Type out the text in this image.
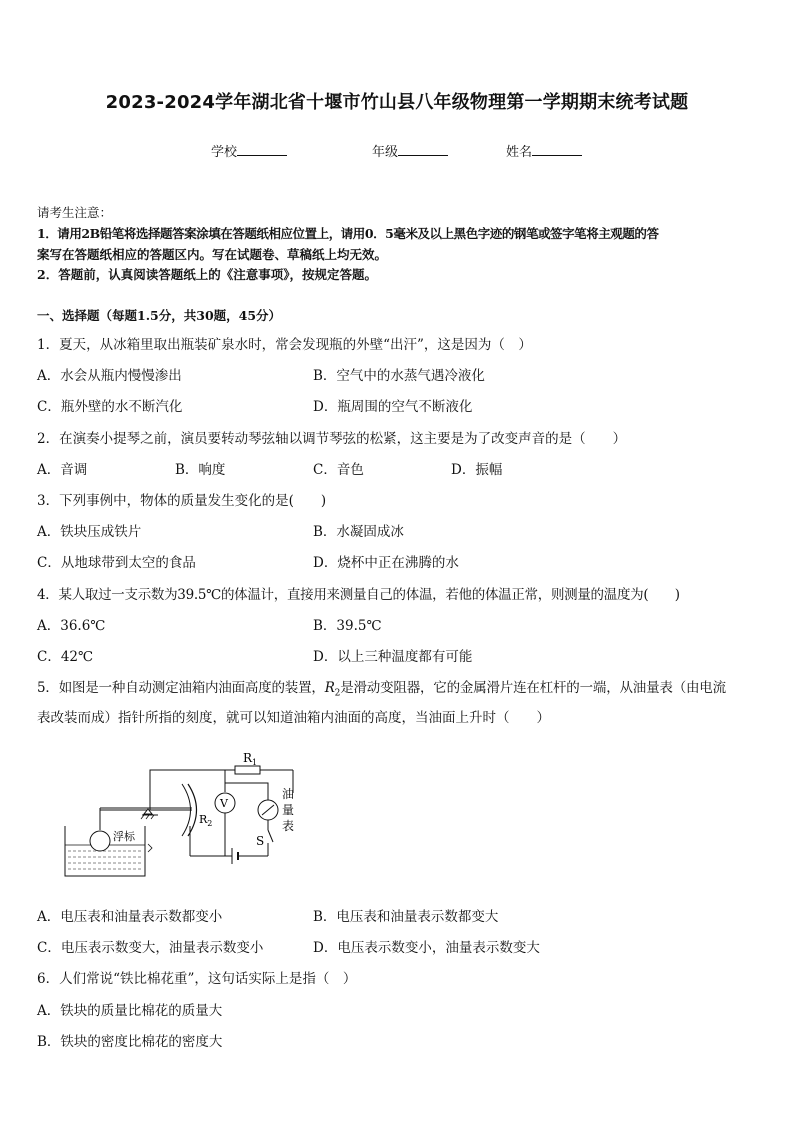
2023-2024学年湖北省十堰市竹山县八年级物理第一学期期末统考试题
学校	年级	姓名
请考生注意：
1．请用2B铅笔将选择题答案涂填在答题纸相应位置上，请用0．5毫米及以上黑色字迹的钢笔或签字笔将主观题的答
案写在答题纸相应的答题区内。写在试题卷、草稿纸上均无效。
2．答题前，认真阅读答题纸上的《注意事项》，按规定答题。
一、选择题（每题1.5分，共30题，45分）
1．夏天，从冰箱里取出瓶装矿泉水时，常会发现瓶的外壁“出汗”，这是因为（　）
A．水会从瓶内慢慢渗出	B．空气中的水蒸气遇冷液化
C．瓶外壁的水不断汽化	D．瓶周围的空气不断液化
2．在演奏小提琴之前，演员要转动琴弦轴以调节琴弦的松紧，这主要是为了改变声音的是（　　）
A．音调	B．响度	C．音色	D．振幅
3．下列事例中，物体的质量发生变化的是(　　)
A．铁块压成铁片	B．水凝固成冰
C．从地球带到太空的食品	D．烧杯中正在沸腾的水
4．某人取过一支示数为39.5℃的体温计，直接用来测量自己的体温，若他的体温正常，则测量的温度为(　　)
A．36.6℃	B．39.5℃
C．42℃	D．以上三种温度都有可能
5．如图是一种自动测定油箱内油面高度的装置，$R_2$是滑动变阻器，它的金属滑片连在杠杆的一端，从油量表（由电流
表改装而成）指针所指的刻度，就可以知道油箱内油面的高度，当油面上升时（　　）
$R_1$
S
油
量
表
V
$R_2$
浮标
A．电压表和油量表示数都变小	B．电压表和油量表示数都变大
C．电压表示数变大，油量表示数变小	D．电压表示数变小，油量表示数变大
6．人们常说“铁比棉花重”，这句话实际上是指（　）
A．铁块的质量比棉花的质量大
B．铁块的密度比棉花的密度大
